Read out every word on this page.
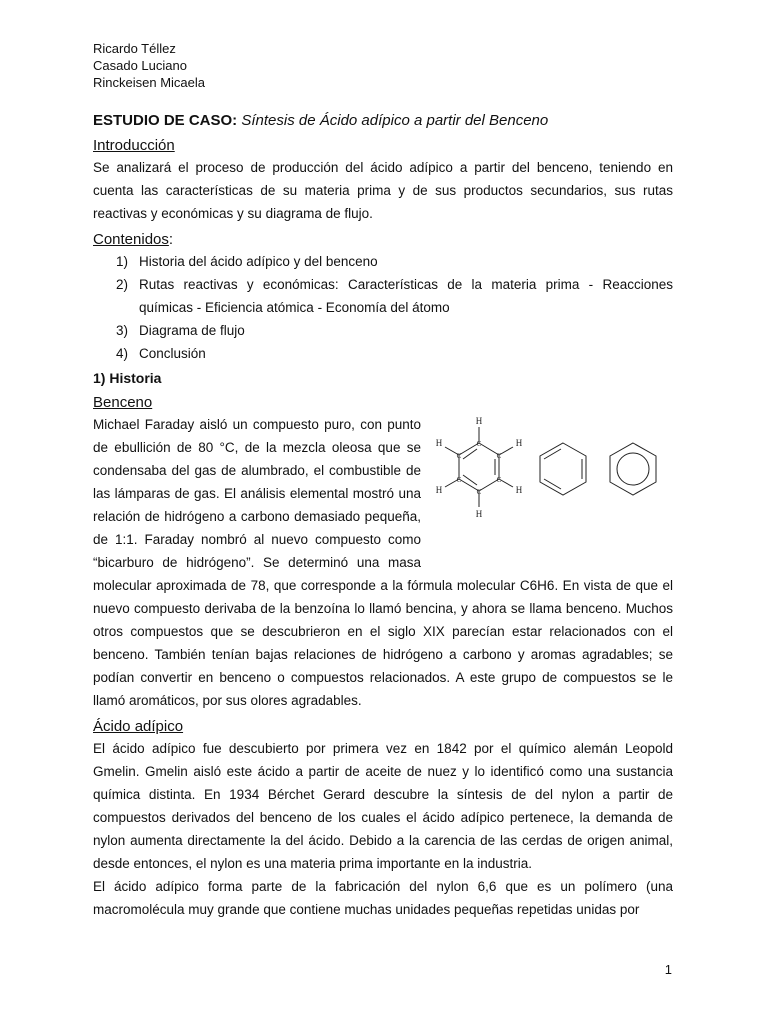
Ricardo Téllez
Casado Luciano
Rinckeisen Micaela
ESTUDIO DE CASO: Síntesis de Ácido adípico a partir del Benceno
Introducción

Se analizará el proceso de producción del ácido adípico a partir del benceno, teniendo en cuenta las características de su materia prima y de sus productos secundarios, sus rutas reactivas y económicas y su diagrama de flujo.

Contenidos:
1) Historia del ácido adípico y del benceno
2) Rutas reactivas y económicas: Características de la materia prima - Reacciones químicas - Eficiencia atómica - Economía del átomo
3) Diagrama de flujo
4) Conclusión
1) Historia
Benceno
H
H
H
H
H
H	C
C
C
C
C
C

Michael Faraday aisló un compuesto puro, con punto de ebullición de 80 °C, de la mezcla oleosa que se condensaba del gas de alumbrado, el combustible de las lámparas de gas. El análisis elemental mostró una relación de hidrógeno a carbono demasiado pequeña, de 1:1. Faraday nombró al nuevo compuesto como “bicarburo de hidrógeno”. Se determinó una masa molecular aproximada de 78, que corresponde a la fórmula molecular C6H6. En vista de que el nuevo compuesto derivaba de la benzoína lo llamó bencina, y ahora se llama benceno. Muchos otros compuestos que se descubrieron en el siglo XIX parecían estar relacionados con el benceno. También tenían bajas relaciones de hidrógeno a carbono y aromas agradables; se podían convertir en benceno o compuestos relacionados. A este grupo de compuestos se le llamó aromáticos, por sus olores agradables.

Ácido adípico

El ácido adípico fue descubierto por primera vez en 1842 por el químico alemán Leopold Gmelin. Gmelin aisló este ácido a partir de aceite de nuez y lo identificó como una sustancia química distinta. En 1934 Bérchet Gerard descubre la síntesis de del nylon a partir de compuestos derivados del benceno de los cuales el ácido adípico pertenece, la demanda de nylon aumenta directamente la del ácido. Debido a la carencia de las cerdas de origen animal, desde entonces, el nylon es una materia prima importante en la industria.

El ácido adípico forma parte de la fabricación del nylon 6,6 que es un polímero (una macromolécula muy grande que contiene muchas unidades pequeñas repetidas unidas por

1
